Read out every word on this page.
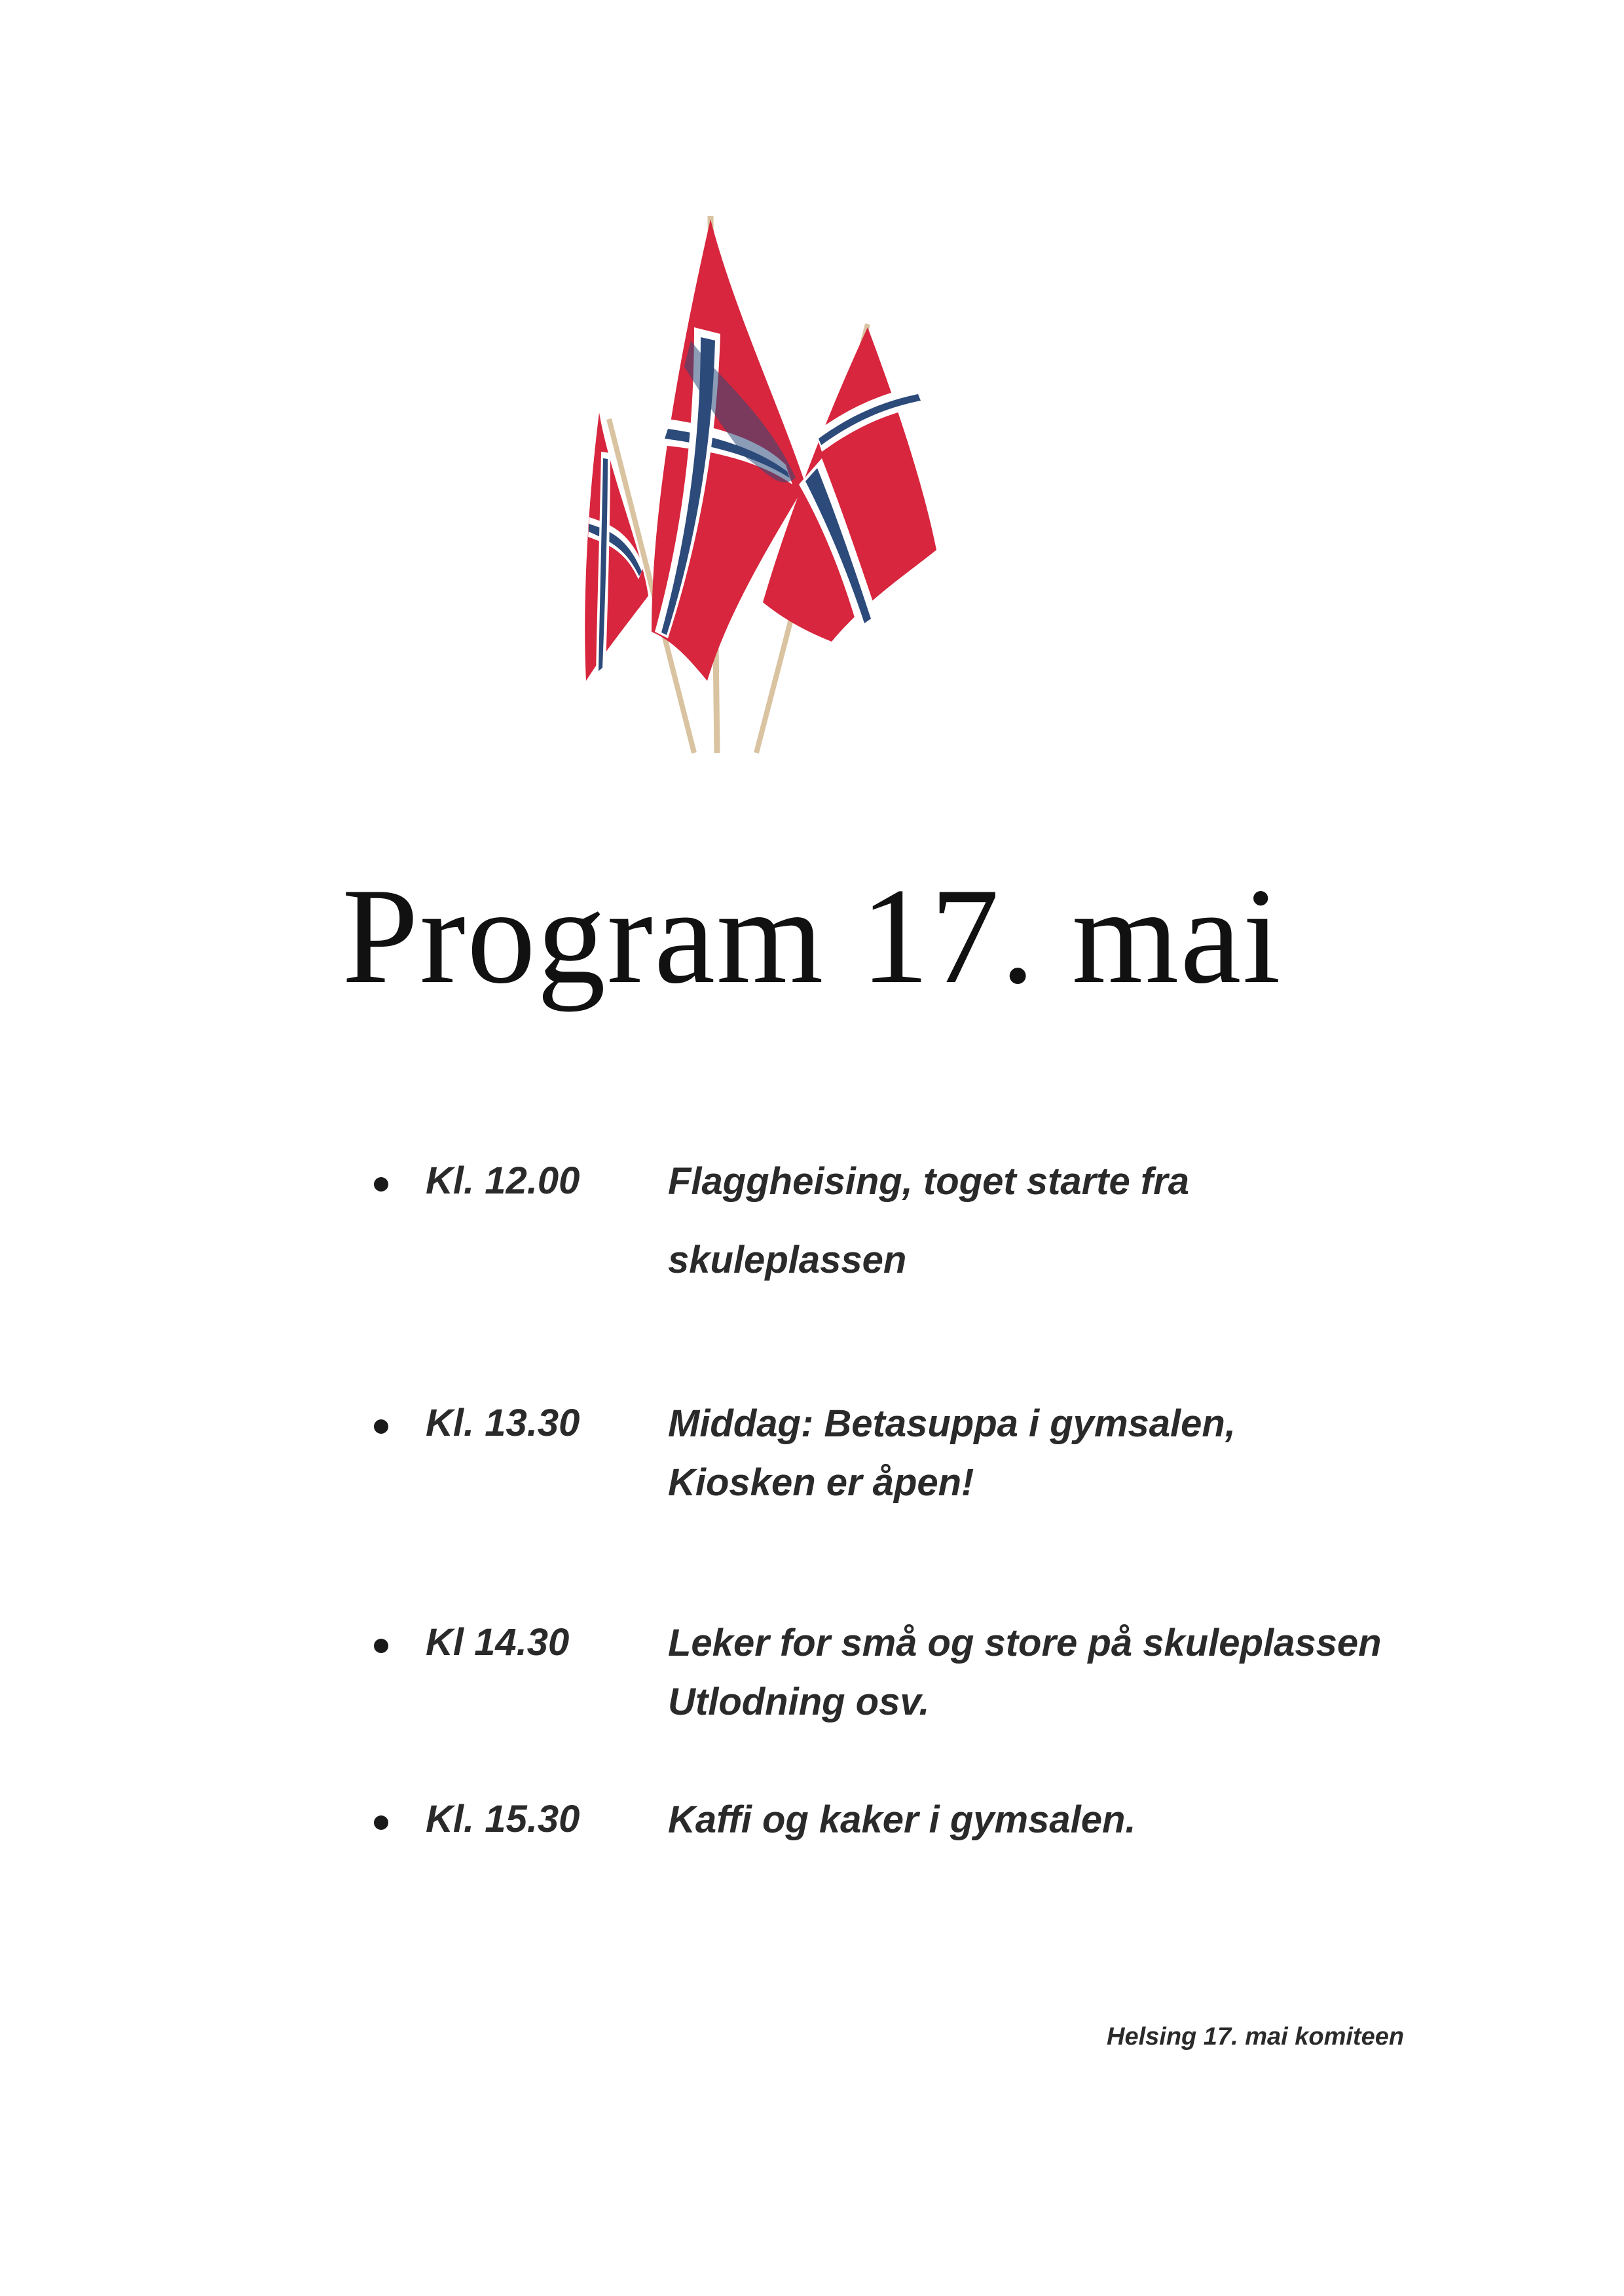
Program 17. mai
Kl. 12.00 Flaggheising, toget starte fra
skuleplassen
Kl. 13.30 Middag: Betasuppa i gymsalen,
Kiosken er åpen!
Kl 14.30	Leker for små og store på skuleplassen
Utlodning osv.
Kl. 15.30 Kaffi og kaker i gymsalen.
Helsing 17. mai komiteen
